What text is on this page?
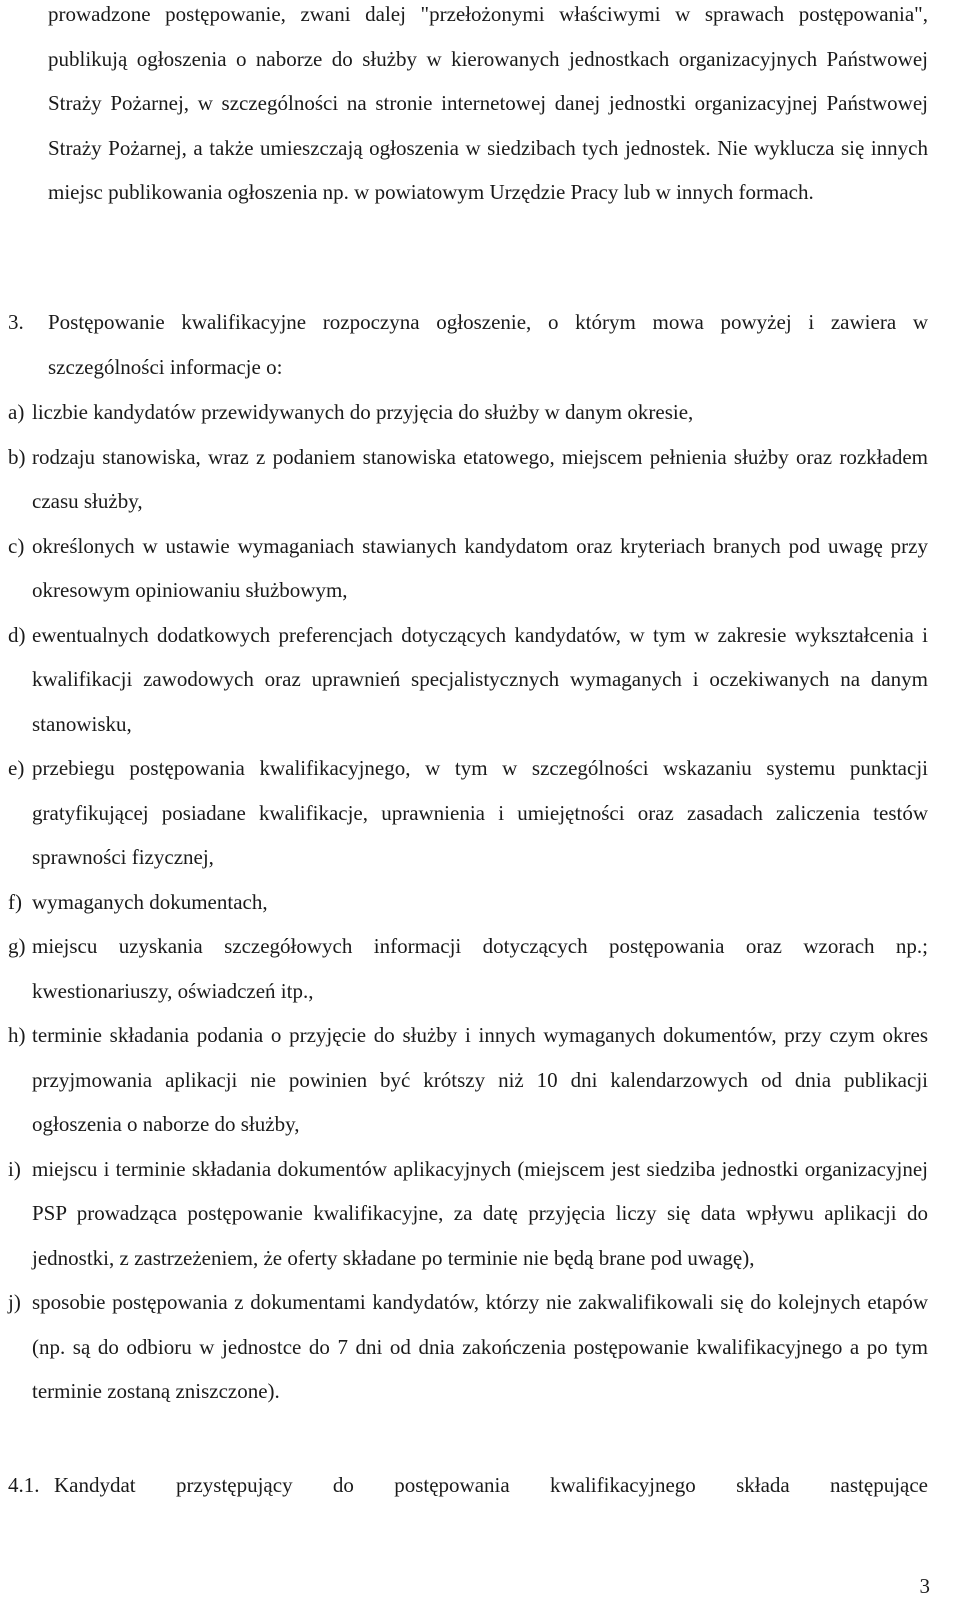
prowadzone postępowanie, zwani dalej "przełożonymi właściwymi w sprawach postępowania", publikują ogłoszenia o naborze do służby w kierowanych jednostkach organizacyjnych Państwowej Straży Pożarnej, w szczególności na stronie internetowej danej jednostki organizacyjnej Państwowej Straży Pożarnej, a także umieszczają ogłoszenia w siedzibach tych jednostek. Nie wyklucza się innych miejsc publikowania ogłoszenia np. w powiatowym Urzędzie Pracy lub w innych formach.

3. Postępowanie kwalifikacyjne rozpoczyna ogłoszenie, o którym mowa powyżej i zawiera w szczególności informacje o:
a) liczbie kandydatów przewidywanych do przyjęcia do służby w danym okresie,
b) rodzaju stanowiska, wraz z podaniem stanowiska etatowego, miejscem pełnienia służby oraz rozkładem czasu służby,
c) określonych w ustawie wymaganiach stawianych kandydatom oraz kryteriach branych pod uwagę przy okresowym opiniowaniu służbowym,
d) ewentualnych dodatkowych preferencjach dotyczących kandydatów, w tym w zakresie wykształcenia i kwalifikacji zawodowych oraz uprawnień specjalistycznych wymaganych i oczekiwanych na danym stanowisku,
e) przebiegu postępowania kwalifikacyjnego, w tym w szczególności wskazaniu systemu punktacji gratyfikującej posiadane kwalifikacje, uprawnienia i umiejętności oraz zasadach zaliczenia testów sprawności fizycznej,
f) wymaganych dokumentach,
g) miejscu uzyskania szczegółowych informacji dotyczących postępowania oraz wzorach np.; kwestionariuszy, oświadczeń itp.,
h) terminie składania podania o przyjęcie do służby i innych wymaganych dokumentów, przy czym okres przyjmowania aplikacji nie powinien być krótszy niż 10 dni kalendarzowych od dnia publikacji ogłoszenia o naborze do służby,
i) miejscu i terminie składania dokumentów aplikacyjnych (miejscem jest siedziba jednostki organizacyjnej PSP prowadząca postępowanie kwalifikacyjne, za datę przyjęcia liczy się data wpływu aplikacji do jednostki, z zastrzeżeniem, że oferty składane po terminie nie będą brane pod uwagę),
j) sposobie postępowania z dokumentami kandydatów, którzy nie zakwalifikowali się do kolejnych etapów (np. są do odbioru w jednostce do 7 dni od dnia zakończenia postępowanie kwalifikacyjnego a po tym terminie zostaną zniszczone).
4.1. Kandydat przystępujący do postępowania kwalifikacyjnego składa następujące
3
